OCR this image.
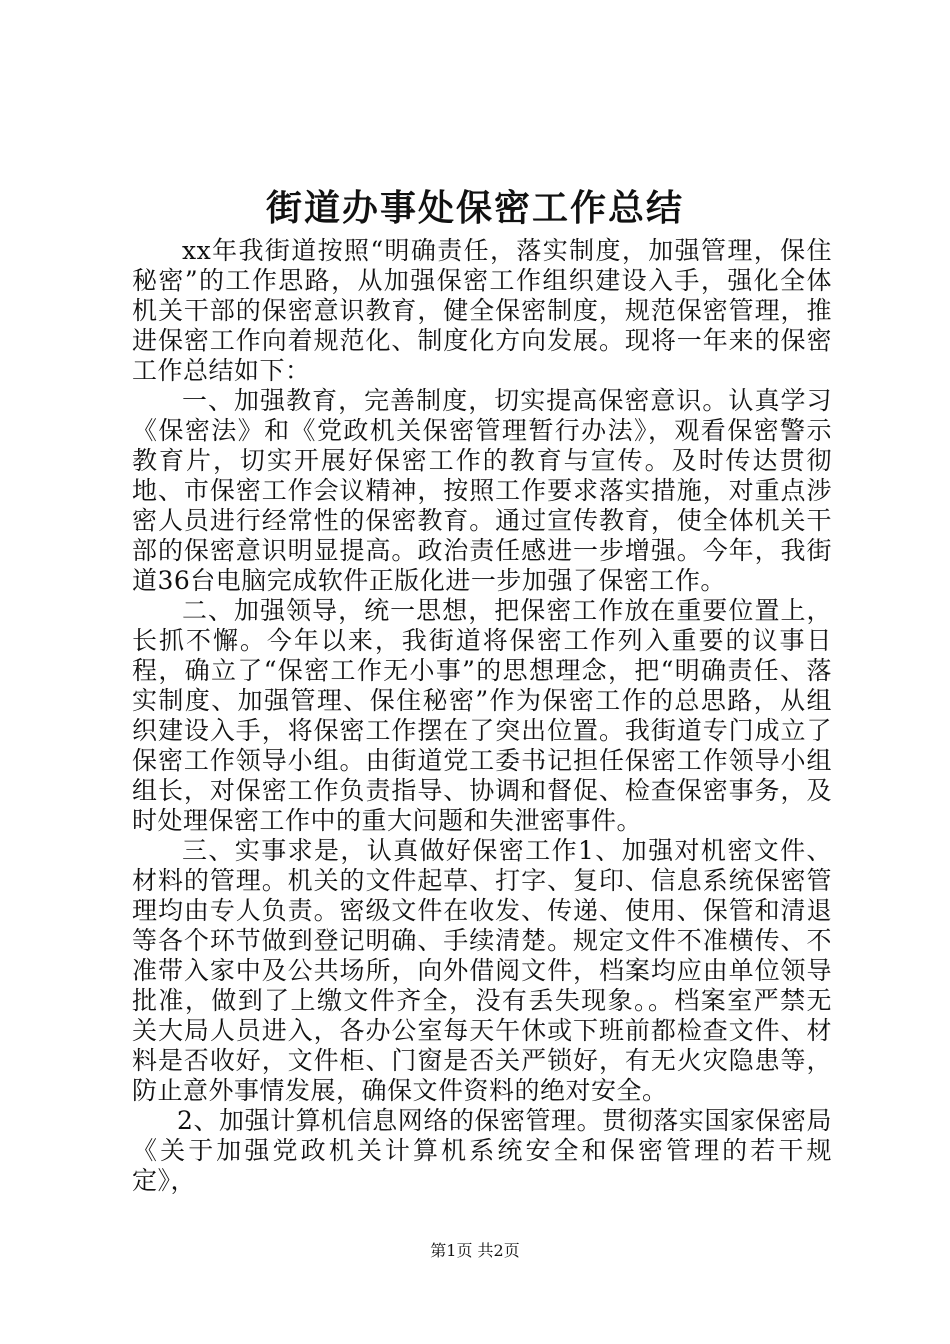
街道办事处保密工作总结

xx年我街道按照“明确责任，落实制度，加强管理，保住秘密”的工作思路，从加强保密工作组织建设入手，强化全体机关干部的保密意识教育，健全保密制度，规范保密管理，推进保密工作向着规范化、制度化方向发展。现将一年来的保密工作总结如下：

一、加强教育，完善制度，切实提高保密意识。认真学习《保密法》和《党政机关保密管理暂行办法》，观看保密警示教育片，切实开展好保密工作的教育与宣传。及时传达贯彻地、市保密工作会议精神，按照工作要求落实措施，对重点涉密人员进行经常性的保密教育。通过宣传教育，使全体机关干部的保密意识明显提高。政治责任感进一步增强。今年，我街道36台电脑完成软件正版化进一步加强了保密工作。

二、加强领导，统一思想，把保密工作放在重要位置上，长抓不懈。今年以来，我街道将保密工作列入重要的议事日程，确立了“保密工作无小事”的思想理念，把“明确责任、落实制度、加强管理、保住秘密”作为保密工作的总思路，从组织建设入手，将保密工作摆在了突出位置。我街道专门成立了保密工作领导小组。由街道党工委书记担任保密工作领导小组组长，对保密工作负责指导、协调和督促、检查保密事务，及时处理保密工作中的重大问题和失泄密事件。

三、实事求是，认真做好保密工作1、加强对机密文件、材料的管理。机关的文件起草、打字、复印、信息系统保密管理均由专人负责。密级文件在收发、传递、使用、保管和清退等各个环节做到登记明确、手续清楚。规定文件不准横传、不准带入家中及公共场所，向外借阅文件，档案均应由单位领导批准，做到了上缴文件齐全，没有丢失现象。。档案室严禁无关大局人员进入，各办公室每天午休或下班前都检查文件、材料是否收好，文件柜、门窗是否关严锁好，有无火灾隐患等，防止意外事情发展，确保文件资料的绝对安全。

2、加强计算机信息网络的保密管理。贯彻落实国家保密局《关于加强党政机关计算机系统安全和保密管理的若干规定》，

第1页 共2页
